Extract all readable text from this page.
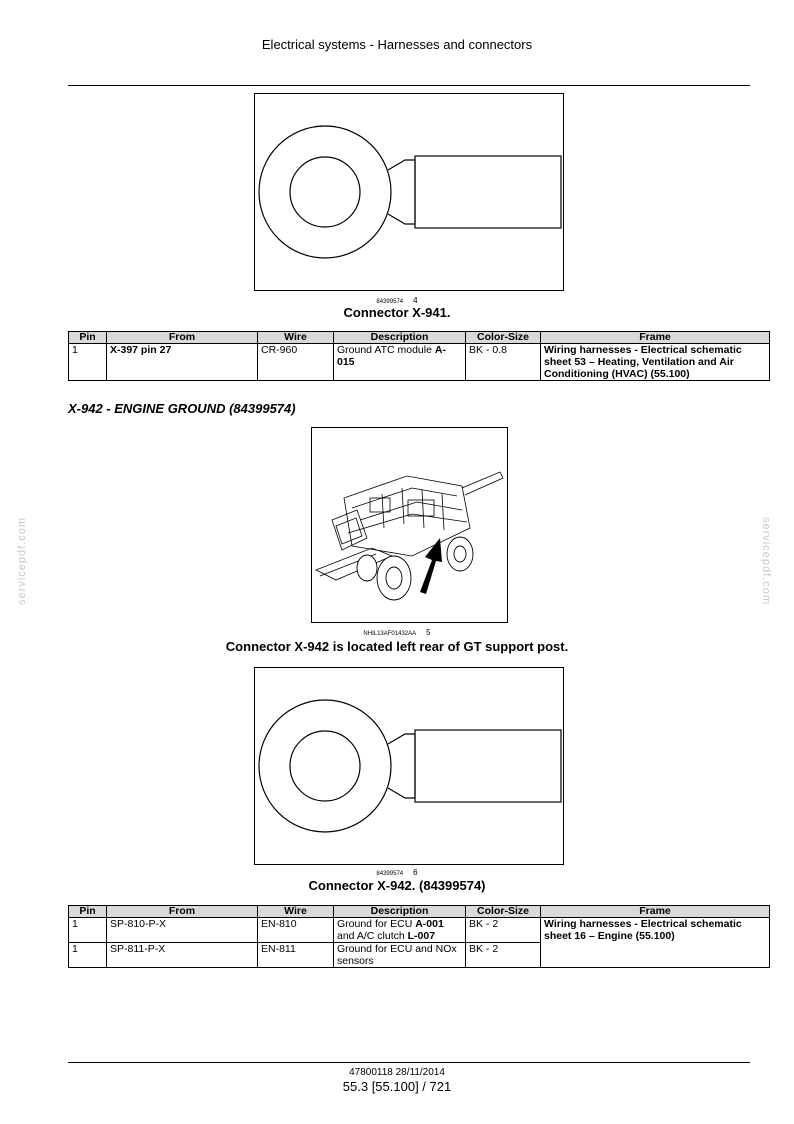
Electrical systems - Harnesses and connectors
84399574 4
Connector X-941.
Pin	From	Wire	Description	Color-Size	Frame
1	X-397 pin 27	CR-960	Ground ATC module A-015	BK - 0.8	Wiring harnesses - Electrical schematic sheet 53 – Heating, Ventilation and Air Conditioning (HVAC) (55.100)
X-942 - ENGINE GROUND (84399574)
NHIL13AF01432AA 5
Connector X-942 is located left rear of GT support post.
84399574 6
Connector X-942. (84399574)
Pin	From	Wire	Description	Color-Size	Frame
1	SP-810-P-X	EN-810	Ground for ECU A-001 and A/C clutch L-007	BK - 2	Wiring harnesses - Electrical schematic sheet 16 – Engine (55.100)
1	SP-811-P-X	EN-811	Ground for ECU and NOx sensors	BK - 2	
servicepdf.com	servicepdf.com
47800118 28/11/2014
55.3 [55.100] / 721
